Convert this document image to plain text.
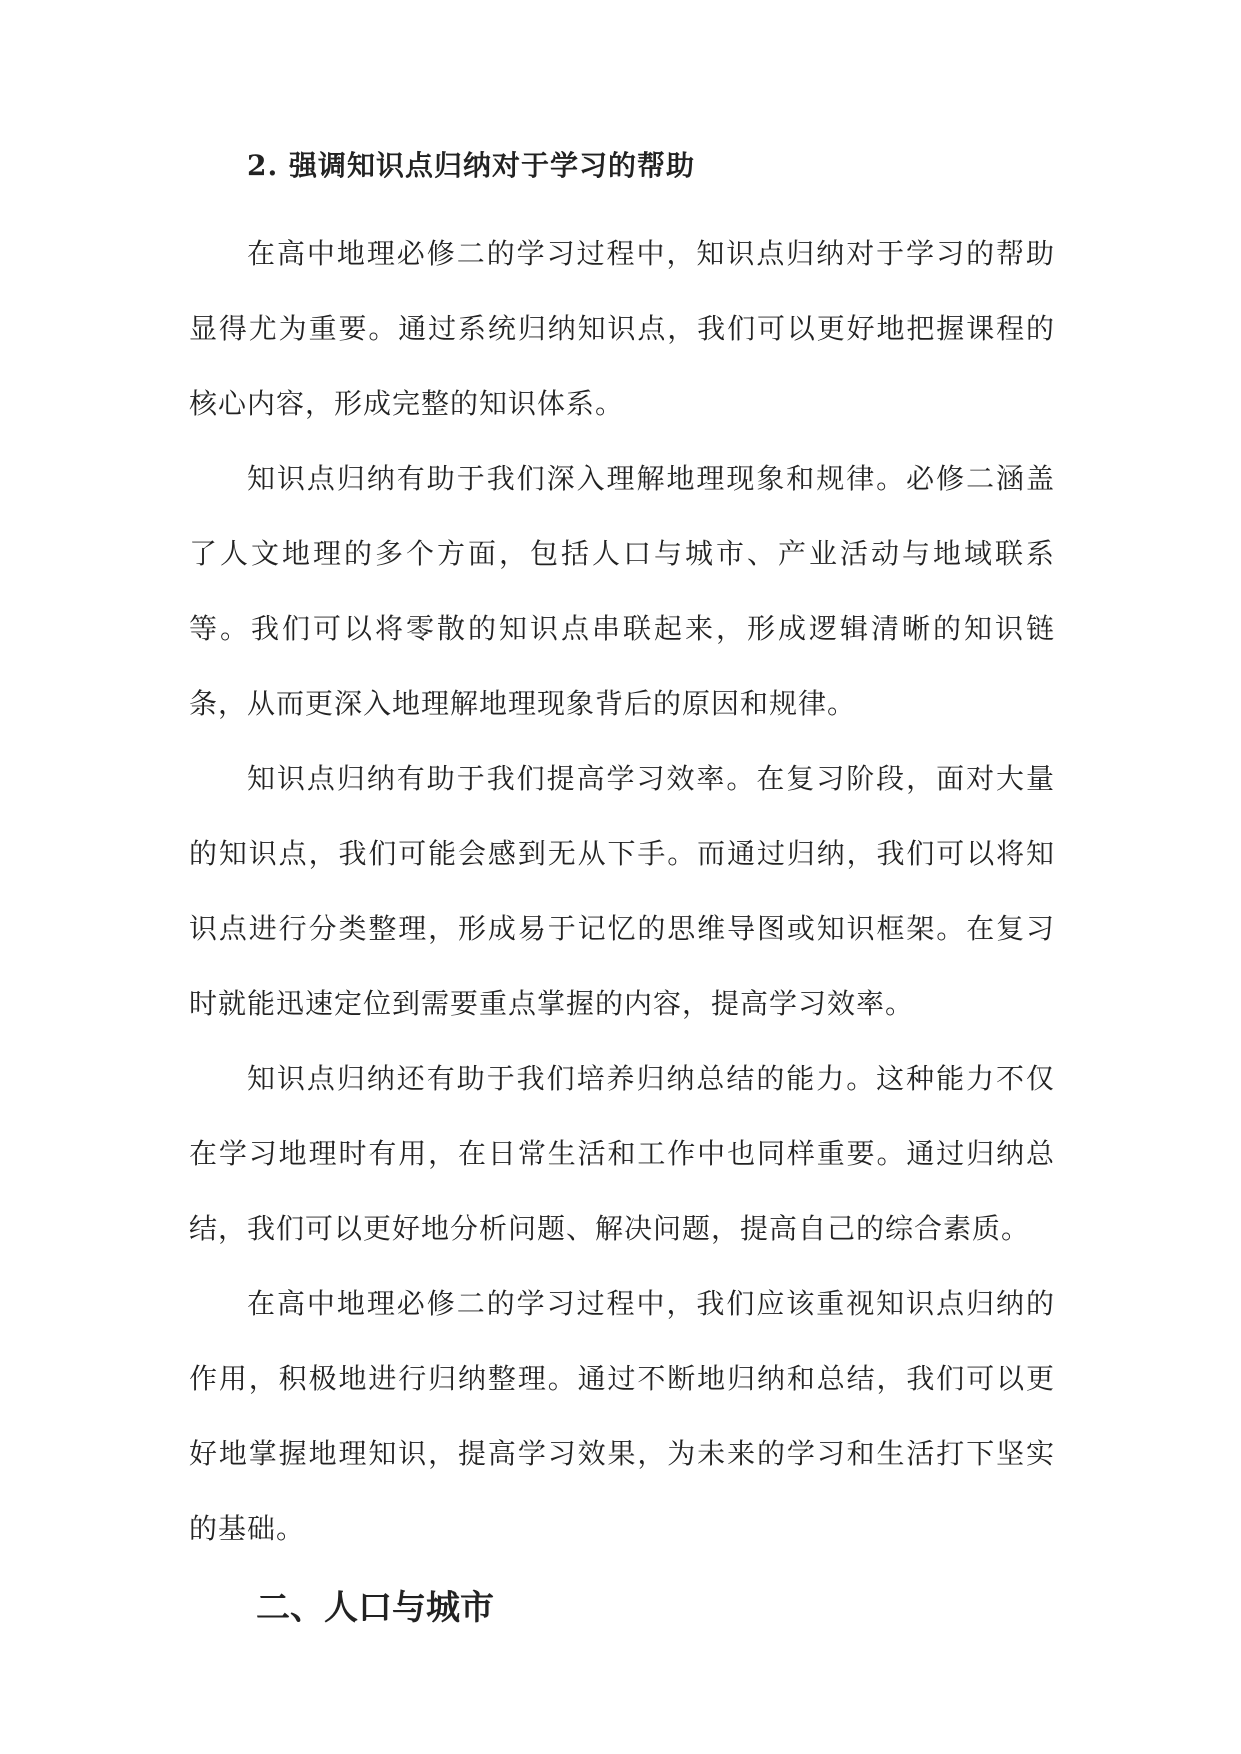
2. 强调知识点归纳对于学习的帮助

在高中地理必修二的学习过程中，知识点归纳对于学习的帮助显得尤为重要。通过系统归纳知识点，我们可以更好地把握课程的核心内容，形成完整的知识体系。

知识点归纳有助于我们深入理解地理现象和规律。必修二涵盖了人文地理的多个方面，包括人口与城市、产业活动与地域联系等。我们可以将零散的知识点串联起来，形成逻辑清晰的知识链条，从而更深入地理解地理现象背后的原因和规律。

知识点归纳有助于我们提高学习效率。在复习阶段，面对大量的知识点，我们可能会感到无从下手。而通过归纳，我们可以将知识点进行分类整理，形成易于记忆的思维导图或知识框架。在复习时就能迅速定位到需要重点掌握的内容，提高学习效率。

知识点归纳还有助于我们培养归纳总结的能力。这种能力不仅在学习地理时有用，在日常生活和工作中也同样重要。通过归纳总结，我们可以更好地分析问题、解决问题，提高自己的综合素质。

在高中地理必修二的学习过程中，我们应该重视知识点归纳的作用，积极地进行归纳整理。通过不断地归纳和总结，我们可以更好地掌握地理知识，提高学习效果，为未来的学习和生活打下坚实的基础。

二、人口与城市
